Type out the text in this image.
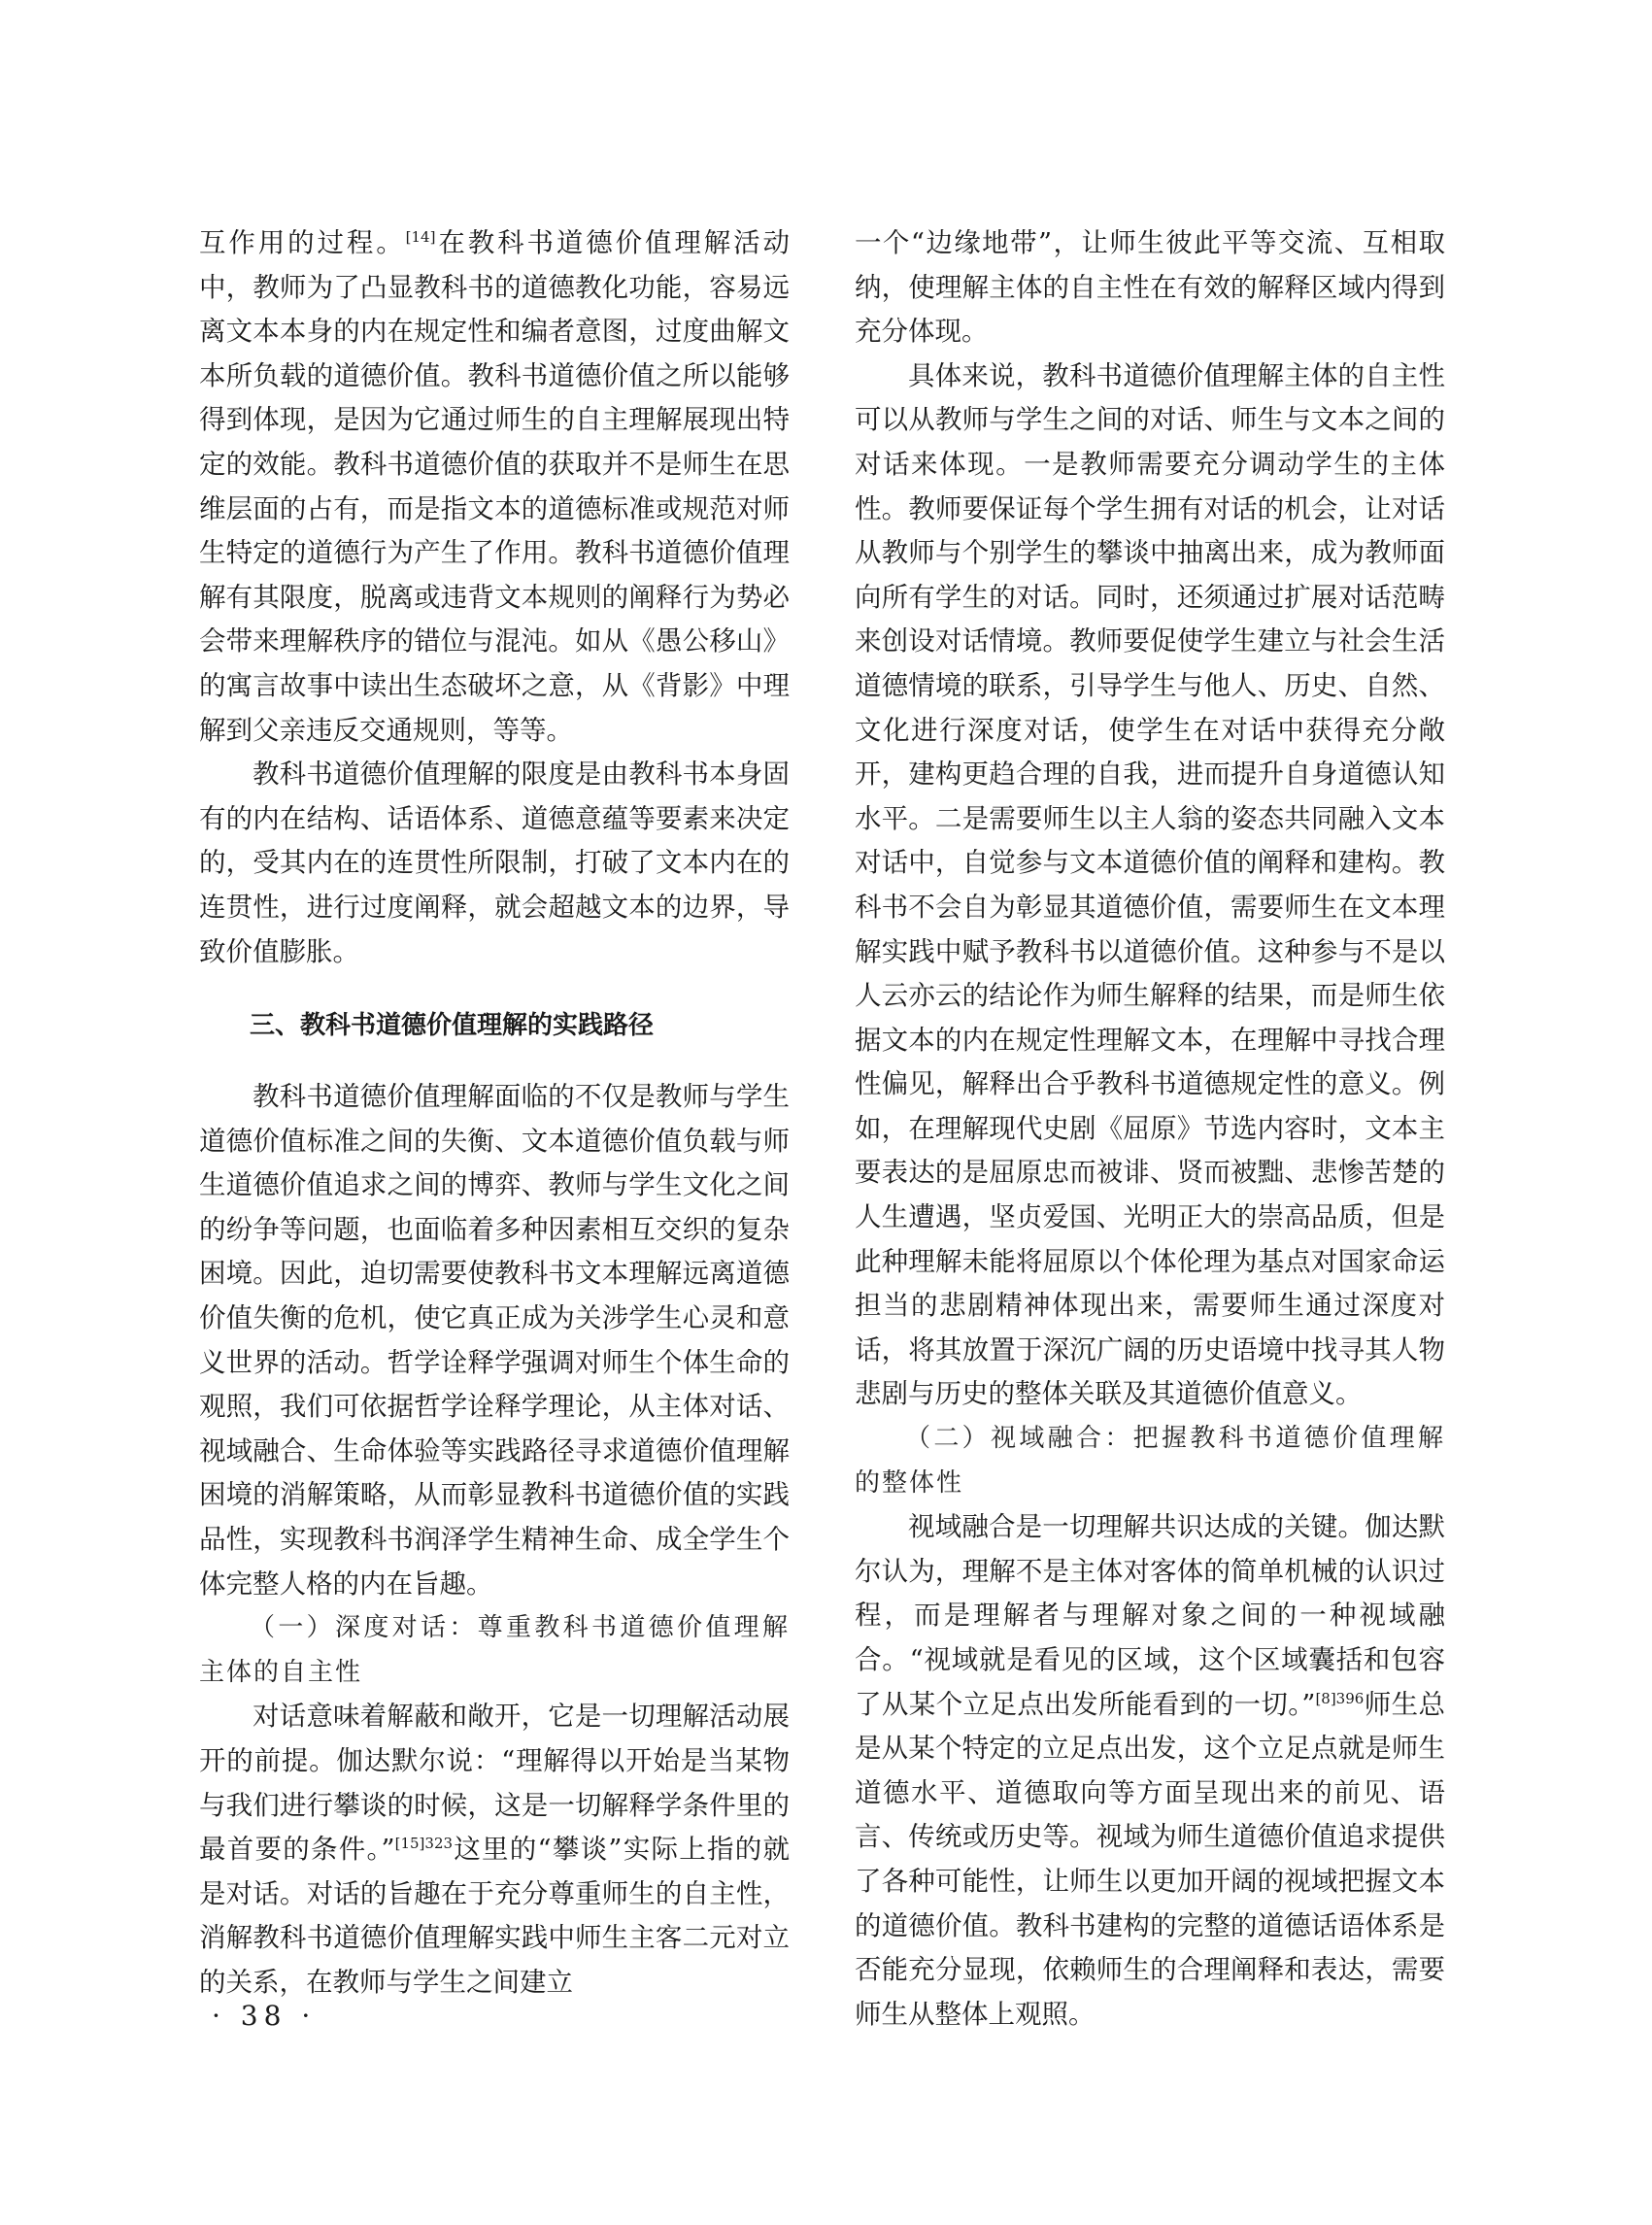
互作用的过程。[14]在教科书道德价值理解活动中，教师为了凸显教科书的道德教化功能，容易远离文本本身的内在规定性和编者意图，过度曲解文本所负载的道德价值。教科书道德价值之所以能够得到体现，是因为它通过师生的自主理解展现出特定的效能。教科书道德价值的获取并不是师生在思维层面的占有，而是指文本的道德标准或规范对师生特定的道德行为产生了作用。教科书道德价值理解有其限度，脱离或违背文本规则的阐释行为势必会带来理解秩序的错位与混沌。如从《愚公移山》的寓言故事中读出生态破坏之意，从《背影》中理解到父亲违反交通规则，等等。

教科书道德价值理解的限度是由教科书本身固有的内在结构、话语体系、道德意蕴等要素来决定的，受其内在的连贯性所限制，打破了文本内在的连贯性，进行过度阐释，就会超越文本的边界，导致价值膨胀。

三、教科书道德价值理解的实践路径

教科书道德价值理解面临的不仅是教师与学生道德价值标准之间的失衡、文本道德价值负载与师生道德价值追求之间的博弈、教师与学生文化之间的纷争等问题，也面临着多种因素相互交织的复杂困境。因此，迫切需要使教科书文本理解远离道德价值失衡的危机，使它真正成为关涉学生心灵和意义世界的活动。哲学诠释学强调对师生个体生命的观照，我们可依据哲学诠释学理论，从主体对话、视域融合、生命体验等实践路径寻求道德价值理解困境的消解策略，从而彰显教科书道德价值的实践品性，实现教科书润泽学生精神生命、成全学生个体完整人格的内在旨趣。

（一）深度对话：尊重教科书道德价值理解主体的自主性

对话意味着解蔽和敞开，它是一切理解活动展开的前提。伽达默尔说：“理解得以开始是当某物与我们进行攀谈的时候，这是一切解释学条件里的最首要的条件。”$^{[15]323}$这里的“攀谈”实际上指的就是对话。对话的旨趣在于充分尊重师生的自主性，消解教科书道德价值理解实践中师生主客二元对立的关系，在教师与学生之间建立

一个“边缘地带”，让师生彼此平等交流、互相取纳，使理解主体的自主性在有效的解释区域内得到充分体现。

具体来说，教科书道德价值理解主体的自主性可以从教师与学生之间的对话、师生与文本之间的对话来体现。一是教师需要充分调动学生的主体性。教师要保证每个学生拥有对话的机会，让对话从教师与个别学生的攀谈中抽离出来，成为教师面向所有学生的对话。同时，还须通过扩展对话范畴来创设对话情境。教师要促使学生建立与社会生活道德情境的联系，引导学生与他人、历史、自然、文化进行深度对话，使学生在对话中获得充分敞开，建构更趋合理的自我，进而提升自身道德认知水平。二是需要师生以主人翁的姿态共同融入文本对话中，自觉参与文本道德价值的阐释和建构。教科书不会自为彰显其道德价值，需要师生在文本理解实践中赋予教科书以道德价值。这种参与不是以人云亦云的结论作为师生解释的结果，而是师生依据文本的内在规定性理解文本，在理解中寻找合理性偏见，解释出合乎教科书道德规定性的意义。例如，在理解现代史剧《屈原》节选内容时，文本主要表达的是屈原忠而被诽、贤而被黜、悲惨苦楚的人生遭遇，坚贞爱国、光明正大的崇高品质，但是此种理解未能将屈原以个体伦理为基点对国家命运担当的悲剧精神体现出来，需要师生通过深度对话，将其放置于深沉广阔的历史语境中找寻其人物悲剧与历史的整体关联及其道德价值意义。

（二）视域融合：把握教科书道德价值理解的整体性

视域融合是一切理解共识达成的关键。伽达默尔认为，理解不是主体对客体的简单机械的认识过程，而是理解者与理解对象之间的一种视域融合。“视域就是看见的区域，这个区域囊括和包容了从某个立足点出发所能看到的一切。”$^{[8]396}$师生总是从某个特定的立足点出发，这个立足点就是师生道德水平、道德取向等方面呈现出来的前见、语言、传统或历史等。视域为师生道德价值追求提供了各种可能性，让师生以更加开阔的视域把握文本的道德价值。教科书建构的完整的道德话语体系是否能充分显现，依赖师生的合理阐释和表达，需要师生从整体上观照。

· 38 ·
